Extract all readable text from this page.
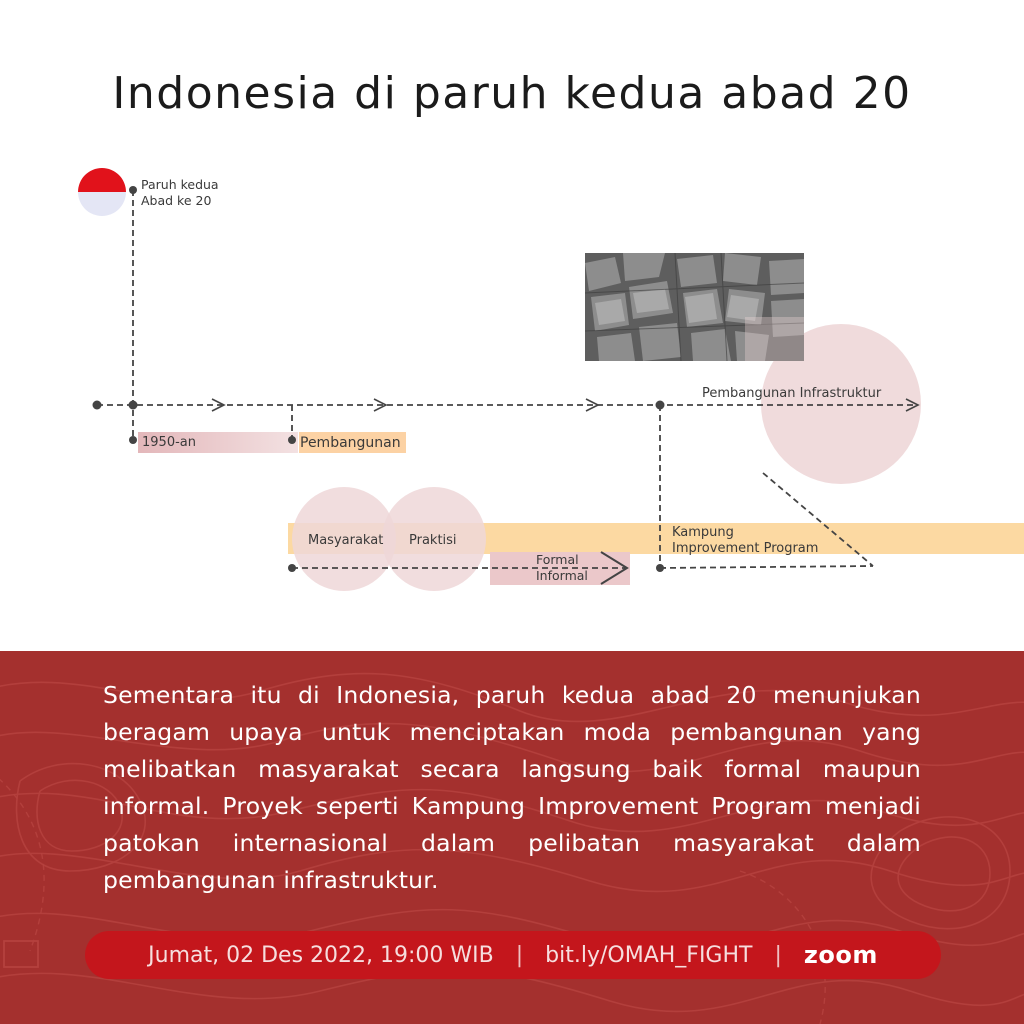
Indonesia di paruh kedua abad 20
Paruh kedua
Abad ke 20
1950-an	Pembangunan
Pembangunan Infrastruktur
Masyarakat Praktisi
Formal
Informal
Kampung
Improvement Program
Sementara itu di Indonesia, paruh kedua abad 20 menunjukan beragam upaya untuk menciptakan moda pembangunan yang melibatkan masyarakat secara langsung baik formal maupun informal. Proyek seperti Kampung Improvement Program menjadi patokan internasional dalam pelibatan masyarakat dalam pembangunan infrastruktur.
Jumat, 02 Des 2022, 19:00 WIB | bit.ly/OMAH_FIGHT | zoom
